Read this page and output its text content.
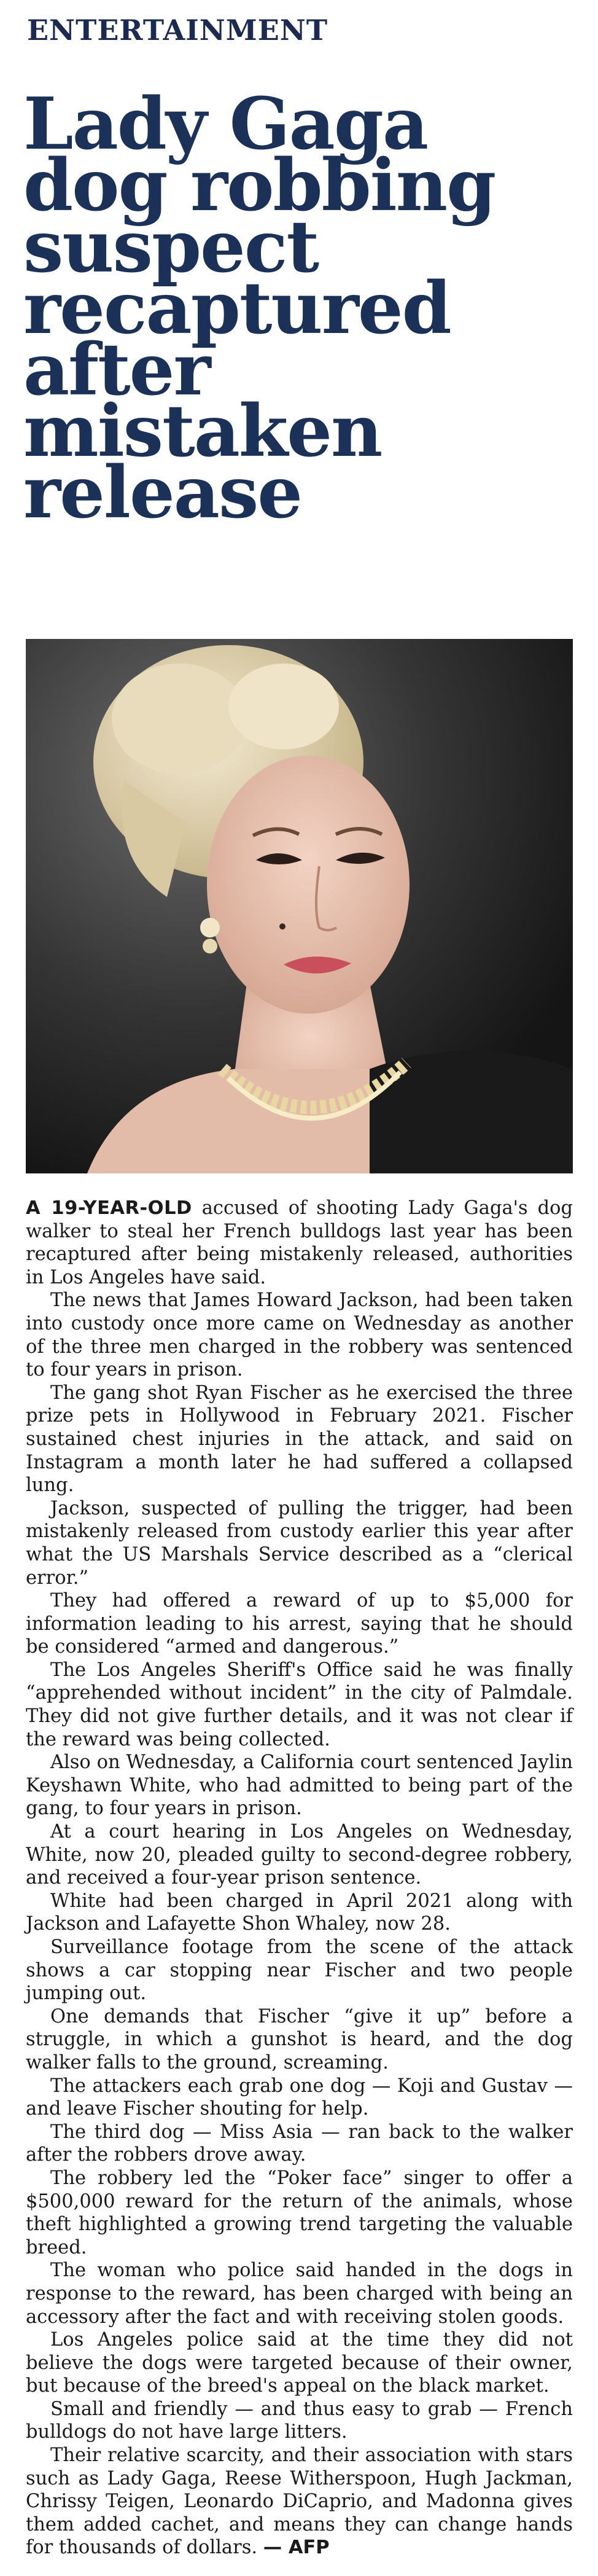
ENTERTAINMENT
Lady Gaga
dog robbing
suspect
recaptured
after
mistaken
release

A 19-YEAR-OLD accused of shooting Lady Gaga's dog walker to steal her French bulldogs last year has been recaptured after being mistakenly released, authorities in Los Angeles have said.

The news that James Howard Jackson, had been taken into custody once more came on Wednesday as another of the three men charged in the robbery was sentenced to four years in prison.

The gang shot Ryan Fischer as he exercised the three prize pets in Hollywood in February 2021. Fischer sustained chest injuries in the attack, and said on Instagram a month later he had suffered a collapsed lung.

Jackson, suspected of pulling the trigger, had been mistakenly released from custody earlier this year after what the US Marshals Service described as a “clerical error.”

They had offered a reward of up to $5,000 for information leading to his arrest, saying that he should be considered “armed and dangerous.”

The Los Angeles Sheriff's Office said he was finally “apprehended without incident” in the city of Palmdale. They did not give further details, and it was not clear if the reward was being collected.

Also on Wednesday, a California court sentenced Jaylin Keyshawn White, who had admitted to being part of the gang, to four years in prison.

At a court hearing in Los Angeles on Wednesday, White, now 20, pleaded guilty to second-degree robbery, and received a four-year prison sentence.

White had been charged in April 2021 along with Jackson and Lafayette Shon Whaley, now 28.

Surveillance footage from the scene of the attack shows a car stopping near Fischer and two people jumping out.

One demands that Fischer “give it up” before a struggle, in which a gunshot is heard, and the dog walker falls to the ground, screaming.

The attackers each grab one dog — Koji and Gustav — and leave Fischer shouting for help.

The third dog — Miss Asia — ran back to the walker after the robbers drove away.

The robbery led the “Poker face” singer to offer a $500,000 reward for the return of the animals, whose theft highlighted a growing trend targeting the valuable breed.

The woman who police said handed in the dogs in response to the reward, has been charged with being an accessory after the fact and with receiving stolen goods.

Los Angeles police said at the time they did not believe the dogs were targeted because of their owner, but because of the breed's appeal on the black market.

Small and friendly — and thus easy to grab — French bulldogs do not have large litters.

Their relative scarcity, and their association with stars such as Lady Gaga, Reese Witherspoon, Hugh Jackman, Chrissy Teigen, Leonardo DiCaprio, and Madonna gives them added cachet, and means they can change hands for thousands of dollars. — AFP
